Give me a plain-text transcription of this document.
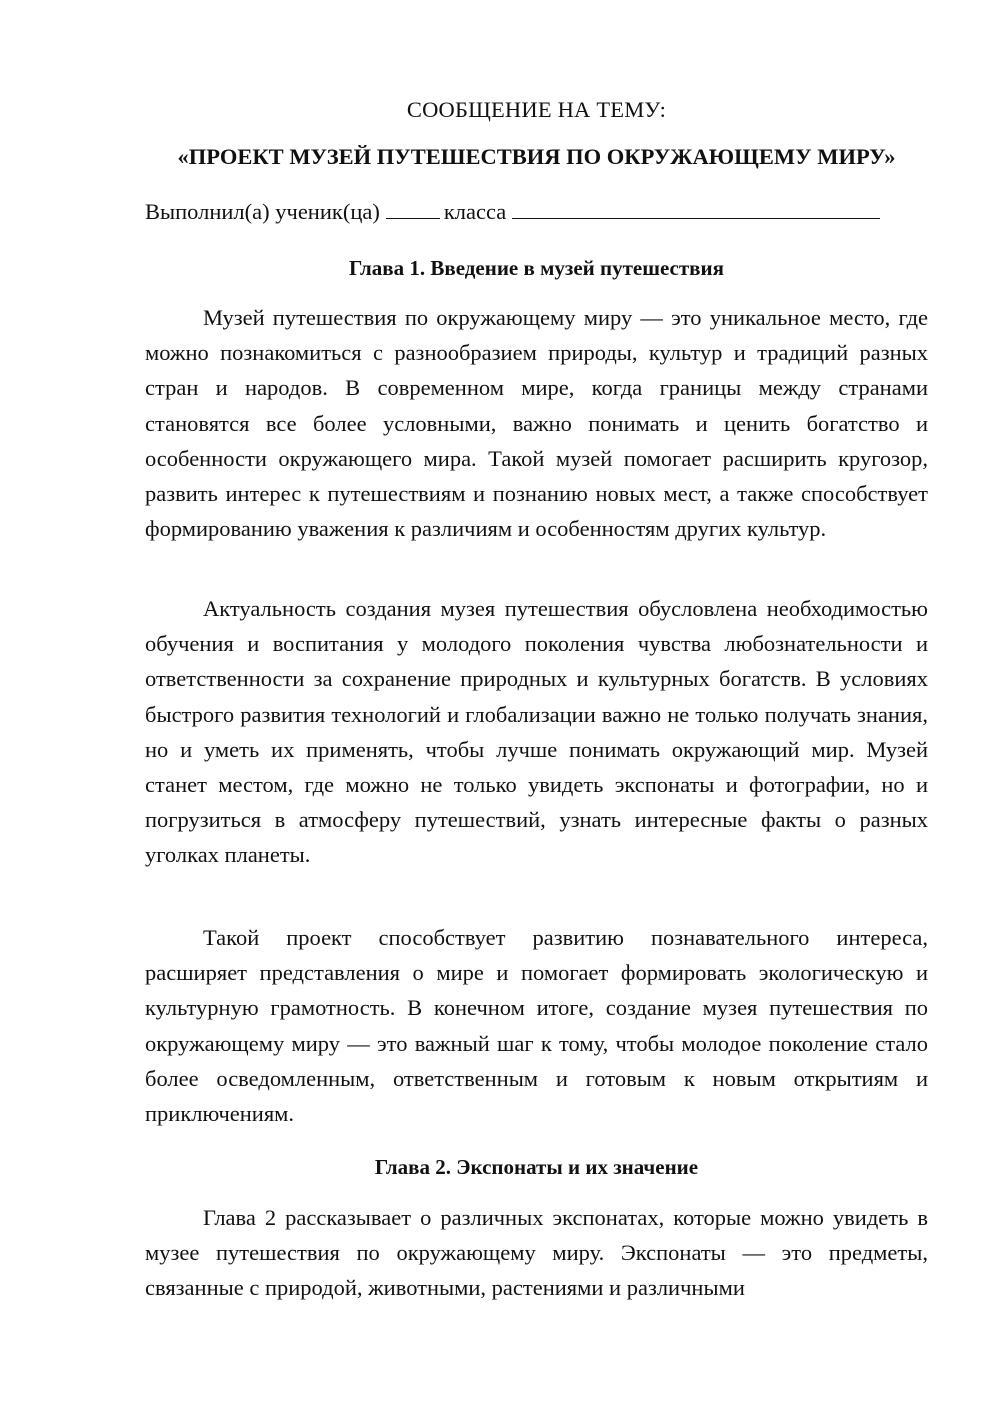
СООБЩЕНИЕ НА ТЕМУ:
«ПРОЕКТ МУЗЕЙ ПУТЕШЕСТВИЯ ПО ОКРУЖАЮЩЕМУ МИРУ»
Выполнил(а) ученик(ца)	класса
Глава 1. Введение в музей путешествия

Музей путешествия по окружающему миру — это уникальное место, где можно познакомиться с разнообразием природы, культур и традиций разных стран и народов. В современном мире, когда границы между странами становятся все более условными, важно понимать и ценить богатство и особенности окружающего мира. Такой музей помогает расширить кругозор, развить интерес к путешествиям и познанию новых мест, а также способствует формированию уважения к различиям и особенностям других культур.

Актуальность создания музея путешествия обусловлена необходимостью обучения и воспитания у молодого поколения чувства любознательности и ответственности за сохранение природных и культурных богатств. В условиях быстрого развития технологий и глобализации важно не только получать знания, но и уметь их применять, чтобы лучше понимать окружающий мир. Музей станет местом, где можно не только увидеть экспонаты и фотографии, но и погрузиться в атмосферу путешествий, узнать интересные факты о разных уголках планеты.

Такой проект способствует развитию познавательного интереса, расширяет представления о мире и помогает формировать экологическую и культурную грамотность. В конечном итоге, создание музея путешествия по окружающему миру — это важный шаг к тому, чтобы молодое поколение стало более осведомленным, ответственным и готовым к новым открытиям и приключениям.

Глава 2. Экспонаты и их значение

Глава 2 рассказывает о различных экспонатах, которые можно увидеть в музее путешествия по окружающему миру. Экспонаты — это предметы, связанные с природой, животными, растениями и различными
